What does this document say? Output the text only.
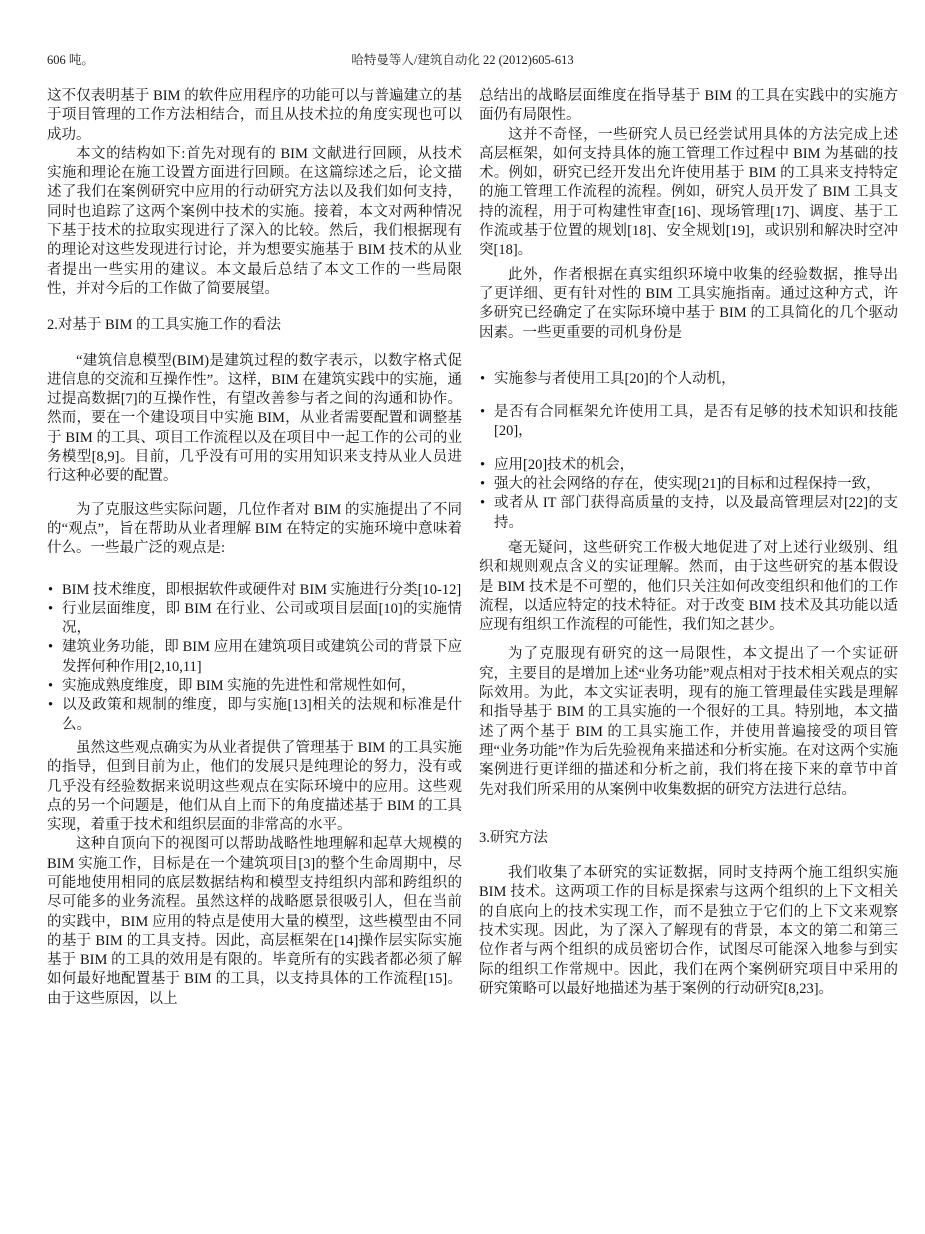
606 吨。	哈特曼等人/建筑自动化 22 (2012)605-613

这不仅表明基于 BIM 的软件应用程序的功能可以与普遍建立的基于项目管理的工作方法相结合，而且从技术拉的角度实现也可以成功。

本文的结构如下:首先对现有的 BIM 文献进行回顾，从技术实施和理论在施工设置方面进行回顾。在这篇综述之后，论文描述了我们在案例研究中应用的行动研究方法以及我们如何支持，同时也追踪了这两个案例中技术的实施。接着，本文对两种情况下基于技术的拉取实现进行了深入的比较。然后，我们根据现有的理论对这些发现进行讨论，并为想要实施基于 BIM 技术的从业者提出一些实用的建议。本文最后总结了本文工作的一些局限性，并对今后的工作做了简要展望。

2.对基于 BIM 的工具实施工作的看法

“建筑信息模型(BIM)是建筑过程的数字表示，以数字格式促进信息的交流和互操作性”。这样，BIM 在建筑实践中的实施，通过提高数据[7]的互操作性，有望改善参与者之间的沟通和协作。然而，要在一个建设项目中实施 BIM，从业者需要配置和调整基于 BIM 的工具、项目工作流程以及在项目中一起工作的公司的业务模型[8,9]。目前，几乎没有可用的实用知识来支持从业人员进行这种必要的配置。

为了克服这些实际问题，几位作者对 BIM 的实施提出了不同的“观点”，旨在帮助从业者理解 BIM 在特定的实施环境中意味着什么。一些最广泛的观点是:

• BIM 技术维度，即根据软件或硬件对 BIM 实施进行分类[10-12]
• 行业层面维度，即 BIM 在行业、公司或项目层面[10]的实施情况，
• 建筑业务功能，即 BIM 应用在建筑项目或建筑公司的背景下应发挥何种作用[2,10,11]
• 实施成熟度维度，即 BIM 实施的先进性和常规性如何，
• 以及政策和规制的维度，即与实施[13]相关的法规和标准是什么。

虽然这些观点确实为从业者提供了管理基于 BIM 的工具实施的指导，但到目前为止，他们的发展只是纯理论的努力，没有或几乎没有经验数据来说明这些观点在实际环境中的应用。这些观点的另一个问题是，他们从自上而下的角度描述基于 BIM 的工具实现，着重于技术和组织层面的非常高的水平。

这种自顶向下的视图可以帮助战略性地理解和起草大规模的 BIM 实施工作，目标是在一个建筑项目[3]的整个生命周期中，尽可能地使用相同的底层数据结构和模型支持组织内部和跨组织的尽可能多的业务流程。虽然这样的战略愿景很吸引人，但在当前的实践中，BIM 应用的特点是使用大量的模型，这些模型由不同的基于 BIM 的工具支持。因此，高层框架在[14]操作层实际实施基于 BIM 的工具的效用是有限的。毕竟所有的实践者都必须了解如何最好地配置基于 BIM 的工具，以支持具体的工作流程[15]。由于这些原因，以上

总结出的战略层面维度在指导基于 BIM 的工具在实践中的实施方面仍有局限性。

这并不奇怪，一些研究人员已经尝试用具体的方法完成上述高层框架，如何支持具体的施工管理工作过程中 BIM 为基础的技术。例如，研究已经开发出允许使用基于 BIM 的工具来支持特定的施工管理工作流程的流程。例如，研究人员开发了 BIM 工具支持的流程，用于可构建性审查[16]、现场管理[17]、调度、基于工作流或基于位置的规划[18]、安全规划[19]，或识别和解决时空冲突[18]。

此外，作者根据在真实组织环境中收集的经验数据，推导出了更详细、更有针对性的 BIM 工具实施指南。通过这种方式，许多研究已经确定了在实际环境中基于 BIM 的工具简化的几个驱动因素。一些更重要的司机身份是

• 实施参与者使用工具[20]的个人动机，
• 是否有合同框架允许使用工具，是否有足够的技术知识和技能[20]，
• 应用[20]技术的机会，
• 强大的社会网络的存在，使实现[21]的目标和过程保持一致，
• 或者从 IT 部门获得高质量的支持，以及最高管理层对[22]的支持。

毫无疑问，这些研究工作极大地促进了对上述行业级别、组织和规则观点含义的实证理解。然而，由于这些研究的基本假设是 BIM 技术是不可塑的，他们只关注如何改变组织和他们的工作流程，以适应特定的技术特征。对于改变 BIM 技术及其功能以适应现有组织工作流程的可能性，我们知之甚少。

为了克服现有研究的这一局限性，本文提出了一个实证研究，主要目的是增加上述“业务功能”观点相对于技术相关观点的实际效用。为此，本文实证表明，现有的施工管理最佳实践是理解和指导基于 BIM 的工具实施的一个很好的工具。特别地，本文描述了两个基于 BIM 的工具实施工作，并使用普遍接受的项目管理“业务功能”作为后先验视角来描述和分析实施。在对这两个实施案例进行更详细的描述和分析之前，我们将在接下来的章节中首先对我们所采用的从案例中收集数据的研究方法进行总结。

3.研究方法

我们收集了本研究的实证数据，同时支持两个施工组织实施 BIM 技术。这两项工作的目标是探索与这两个组织的上下文相关的自底向上的技术实现工作，而不是独立于它们的上下文来观察技术实现。因此，为了深入了解现有的背景，本文的第二和第三位作者与两个组织的成员密切合作，试图尽可能深入地参与到实际的组织工作常规中。因此，我们在两个案例研究项目中采用的研究策略可以最好地描述为基于案例的行动研究[8,23]。
